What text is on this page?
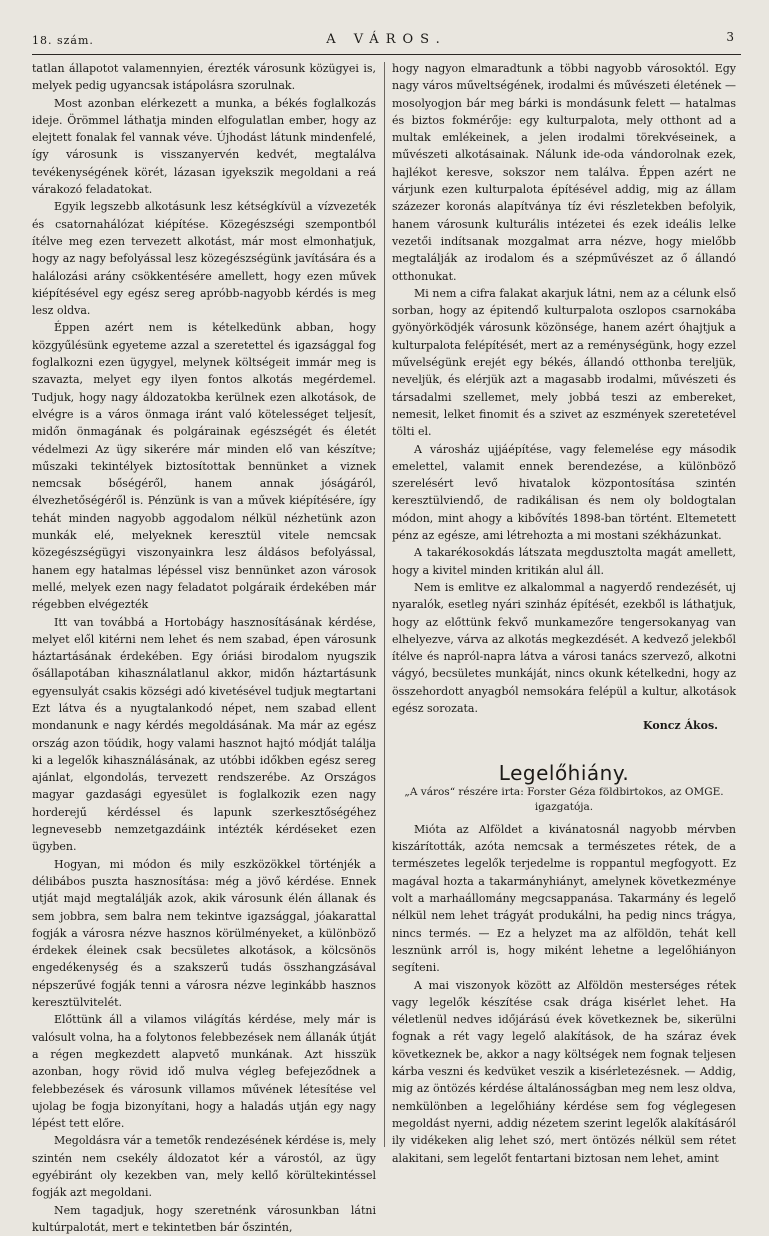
18. szám.	A VÁROS.	3

tatlan állapotot valamennyien, érezték városunk közügyei is, melyek pedig ugyancsak istápolásra szorulnak.

Most azonban elérkezett a munka, a békés foglalkozás ideje. Örömmel láthatja minden elfogulatlan ember, hogy az elejtett fonalak fel vannak véve. Újhodást látunk mindenfelé, így városunk is visszanyervén kedvét, megtalálva tevékenységének körét, lázasan igyekszik megoldani a reá várakozó feladatokat.

Egyik legszebb alkotásunk lesz kétségkívül a vízvezeték és csatornahálózat kiépítése. Közegészségi szempontból ítélve meg ezen tervezett alkotást, már most elmonhatjuk, hogy az nagy befolyással lesz közegészségünk javítására és a halálozási arány csökkentésére amellett, hogy ezen művek kiépítésével egy egész sereg apróbb-nagyobb kérdés is meg lesz oldva.

Éppen azért nem is kételkedünk abban, hogy közgyűlésünk egyeteme azzal a szeretettel és igazsággal fog foglalkozni ezen ügygyel, melynek költségeit immár meg is szavazta, melyet egy ilyen fontos alkotás megérdemel. Tudjuk, hogy nagy áldozatokba kerülnek ezen alkotások, de elvégre is a város önmaga iránt való kötelességet teljesít, midőn önmagának és polgárainak egészségét és életét védelmezi Az ügy sikerére már minden elő van készítve; műszaki tekintélyek biztosítottak bennünket a viznek nemcsak bőségéről, hanem annak jóságáról, élvezhetőségéről is. Pénzünk is van a művek kiépítésére, így tehát minden nagyobb aggodalom nélkül nézhetünk azon munkák elé, melyeknek keresztül vitele nemcsak közegészségügyi viszonyainkra lesz áldásos befolyással, hanem egy hatalmas lépéssel visz bennünket azon városok mellé, melyek ezen nagy feladatot polgáraik érdekében már régebben elvégezték

Itt van továbbá a Hortobágy hasznosításának kérdése, melyet elől kitérni nem lehet és nem szabad, épen városunk háztartásának érdekében. Egy óriási birodalom nyugszik ősállapotában kihasználatlanul akkor, midőn háztartásunk egyensulyát csakis községi adó kivetésével tudjuk megtartani Ezt látva és a nyugtalankodó népet, nem szabad ellent mondanunk e nagy kérdés megoldásának. Ma már az egész ország azon töúdik, hogy valami hasznot hajtó módját találja ki a legelők kihasználásának, az utóbbi időkben egész sereg ajánlat, elgondolás, tervezett rendszerébe. Az Országos magyar gazdasági egyesület is foglalkozik ezen nagy horderejű kérdéssel és lapunk szerkesztőségéhez legnevesebb nemzetgazdáink intézték kérdéseket ezen ügyben.

Hogyan, mi módon és mily eszközökkel történjék a délibábos puszta hasznosítása: még a jövő kérdése. Ennek utját majd megtalálják azok, akik városunk élén állanak és sem jobbra, sem balra nem tekintve igazsággal, jóakarattal fogják a városra nézve hasznos körülményeket, a különböző érdekek éleinek csak becsületes alkotások, a kölcsönös engedékenység és a szakszerű tudás összhangzásával népszerűvé fogják tenni a városra nézve leginkább hasznos keresztülvitelét.

Előttünk áll a vilamos világítás kérdése, mely már is valósult volna, ha a folytonos felebbezések nem állanák útját a régen megkezdett alapvető munkának. Azt hisszük azonban, hogy rövid idő mulva végleg befejeződnek a felebbezések és városunk villamos művének létesítése vel ujolag be fogja bizonyítani, hogy a haladás utján egy nagy lépést tett előre.

Megoldásra vár a temetők rendezésének kérdése is, mely szintén nem csekély áldozatot kér a várostól, az ügy egyébiránt oly kezekben van, mely kellő körültekintéssel fogják azt megoldani.

Nem tagadjuk, hogy szeretnénk városunkban látni kultúrpalotát, mert e tekintetben bár őszintén,

hogy nagyon elmaradtunk a többi nagyobb városoktól. Egy nagy város műveltségének, irodalmi és művészeti életének — mosolyogjon bár meg bárki is mondásunk felett — hatalmas és biztos fokmérője: egy kulturpalota, mely otthont ad a multak emlékeinek, a jelen irodalmi törekvéseinek, a művészeti alkotásainak. Nálunk ide-oda vándorolnak ezek, hajlékot keresve, sokszor nem találva. Éppen azért ne várjunk ezen kulturpalota építésével addig, mig az állam százezer koronás alapítványa tíz évi részletekben befolyik, hanem városunk kulturális intézetei és ezek ideális lelke vezetői indítsanak mozgalmat arra nézve, hogy mielőbb megtalálják az irodalom és a szépművészet az ő állandó otthonukat.

Mi nem a cifra falakat akarjuk látni, nem az a célunk első sorban, hogy az épitendő kulturpalota oszlopos csarnokába gyönyörködjék városunk közönsége, hanem azért óhajtjuk a kulturpalota felépítését, mert az a reménységünk, hogy ezzel művelségünk erejét egy békés, állandó otthonba tereljük, neveljük, és elérjük azt a magasabb irodalmi, művészeti és társadalmi szellemet, mely jobbá teszi az embereket, nemesit, lelket finomit és a szivet az eszmények szeretetével tölti el.

A városház ujjáépítése, vagy felemelése egy második emelettel, valamit ennek berendezése, a különböző szerelésért levő hivatalok központosítása szintén keresztülviendő, de radikálisan és nem oly boldogtalan módon, mint ahogy a kibővítés 1898-ban történt. Eltemetett pénz az egésze, ami létrehozta a mi mostani székházunkat.

A takarékosokdás látszata megdusztolta magát amellett, hogy a kivitel minden kritikán alul áll.

Nem is emlitve ez alkalommal a nagyerdő rendezését, uj nyaralók, esetleg nyári szinház építését, ezekből is láthatjuk, hogy az előttünk fekvő munkamezőre tengersokanyag van elhelyezve, várva az alkotás megkezdését. A kedvező jelekből ítélve és napról-napra látva a városi tanács szervező, alkotni vágyó, becsületes munkáját, nincs okunk kételkedni, hogy az összehordott anyagból nemsokára felépül a kultur, alkotások egész sorozata.

Koncz Ákos.
Legelőhiány.
„A város“ részére irta: Forster Géza földbirtokos, az OMGE.
igazgatója.

Mióta az Alföldet a kivánatosnál nagyobb mérvben kiszárították, azóta nemcsak a természetes rétek, de a természetes legelők terjedelme is roppantul megfogyott. Ez magával hozta a takarmányhiányt, amelynek következménye volt a marhaállomány megcsappanása. Takarmány és legelő nélkül nem lehet trágyát produkálni, ha pedig nincs trágya, nincs termés. — Ez a helyzet ma az alföldön, tehát kell lesznünk arról is, hogy miként lehetne a legelőhiányon segíteni.

A mai viszonyok között az Alföldön mesterséges rétek vagy legelők készítése csak drága kisérlet lehet. Ha véletlenül nedves időjárású évek következnek be, sikerülni fognak a rét vagy legelő alakítások, de ha száraz évek következnek be, akkor a nagy költségek nem fognak teljesen kárba veszni és kedvüket veszik a kisérletezésnek. — Addig, mig az öntözés kérdése általánosságban meg nem lesz oldva, nemkülönben a legelőhiány kérdése sem fog véglegesen megoldást nyerni, addig nézetem szerint legelők alakításáról ily vidékeken alig lehet szó, mert öntözés nélkül sem rétet alakitani, sem legelőt fentartani biztosan nem lehet, amint
